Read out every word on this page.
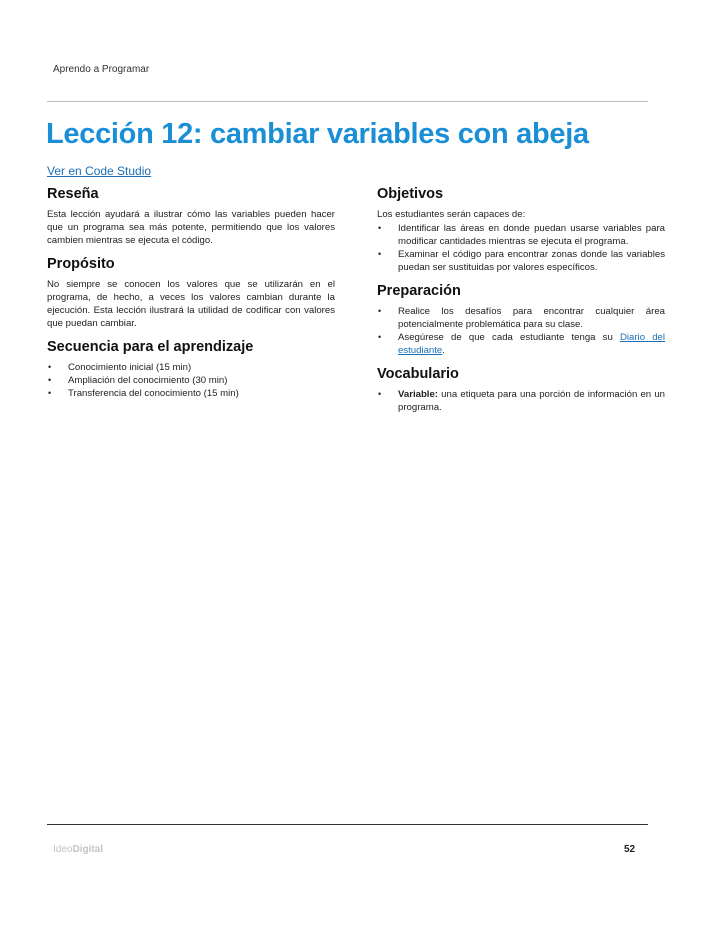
Aprendo a Programar
Lección 12: cambiar variables con abeja
Ver en Code Studio
Reseña

Esta lección ayudará a ilustrar cómo las variables pueden hacer que un programa sea más potente, permitiendo que los valores cambien mientras se ejecuta el código.

Propósito

No siempre se conocen los valores que se utilizarán en el programa, de hecho, a veces los valores cambian durante la ejecución. Esta lección ilustrará la utilidad de codificar con valores que puedan cambiar.

Secuencia para el aprendizaje
• Conocimiento inicial (15 min)
• Ampliación del conocimiento (30 min)
• Transferencia del conocimiento (15 min)
Objetivos

Los estudiantes serán capaces de:

• Identificar las áreas en donde puedan usarse variables para modificar cantidades mientras se ejecuta el programa.
• Examinar el código para encontrar zonas donde las variables puedan ser sustituidas por valores específicos.
Preparación
• Realice los desafíos para encontrar cualquier área potencialmente problemática para su clase.
• Asegúrese de que cada estudiante tenga su Diario del estudiante.
Vocabulario
• Variable: una etiqueta para una porción de información en un programa.
IdeoDigital	52
